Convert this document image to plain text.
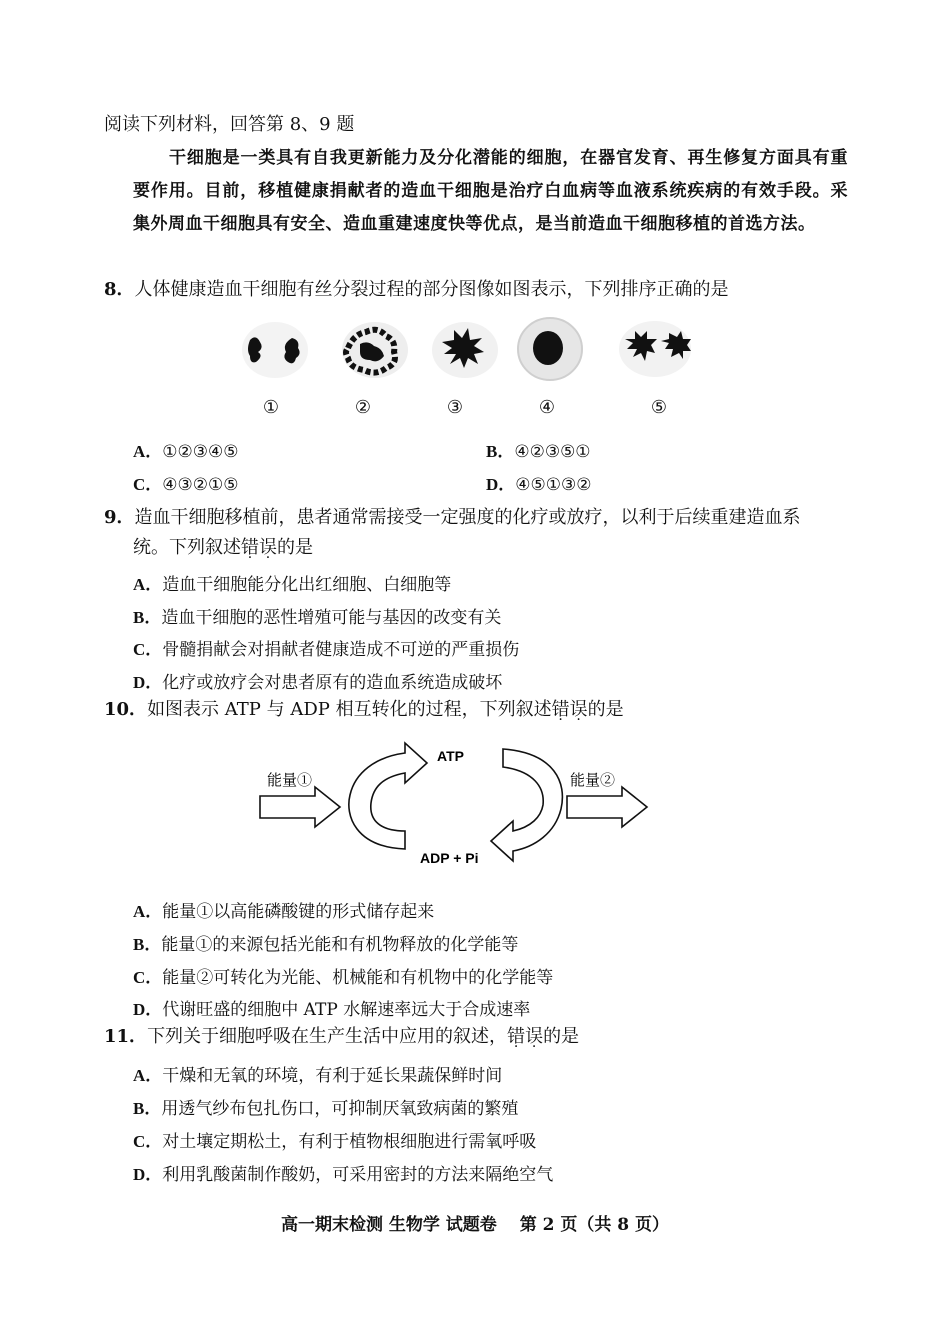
阅读下列材料，回答第 8、9 题
干细胞是一类具有自我更新能力及分化潜能的细胞，在器官发育、再生修复方面具有重要作用。目前，移植健康捐献者的造血干细胞是治疗白血病等血液系统疾病的有效手段。采集外周血干细胞具有安全、造血重建速度快等优点，是当前造血干细胞移植的首选方法。
8．人体健康造血干细胞有丝分裂过程的部分图像如图表示，下列排序正确的是
①	②	③	④	⑤
A．①②③④⑤	B．④②③⑤①
C．④③②①⑤	D．④⑤①③②
9．造血干细胞移植前，患者通常需接受一定强度的化疗或放疗，以利于后续重建造血系
统。下列叙述错误的是
A．造血干细胞能分化出红细胞、白细胞等
B．造血干细胞的恶性增殖可能与基因的改变有关
C．骨髓捐献会对捐献者健康造成不可逆的严重损伤
D．化疗或放疗会对患者原有的造血系统造成破坏
10．如图表示 ATP 与 ADP 相互转化的过程，下列叙述错误的是
ATP
ADP + Pi
能量①	能量②
A．能量①以高能磷酸键的形式储存起来
B．能量①的来源包括光能和有机物释放的化学能等
C．能量②可转化为光能、机械能和有机物中的化学能等
D．代谢旺盛的细胞中 ATP 水解速率远大于合成速率
11．下列关于细胞呼吸在生产生活中应用的叙述，错误的是
A．干燥和无氧的环境，有利于延长果蔬保鲜时间
B．用透气纱布包扎伤口，可抑制厌氧致病菌的繁殖
C．对土壤定期松土，有利于植物根细胞进行需氧呼吸
D．利用乳酸菌制作酸奶，可采用密封的方法来隔绝空气
高一期末检测 生物学 试题卷　 第 2 页（共 8 页）
